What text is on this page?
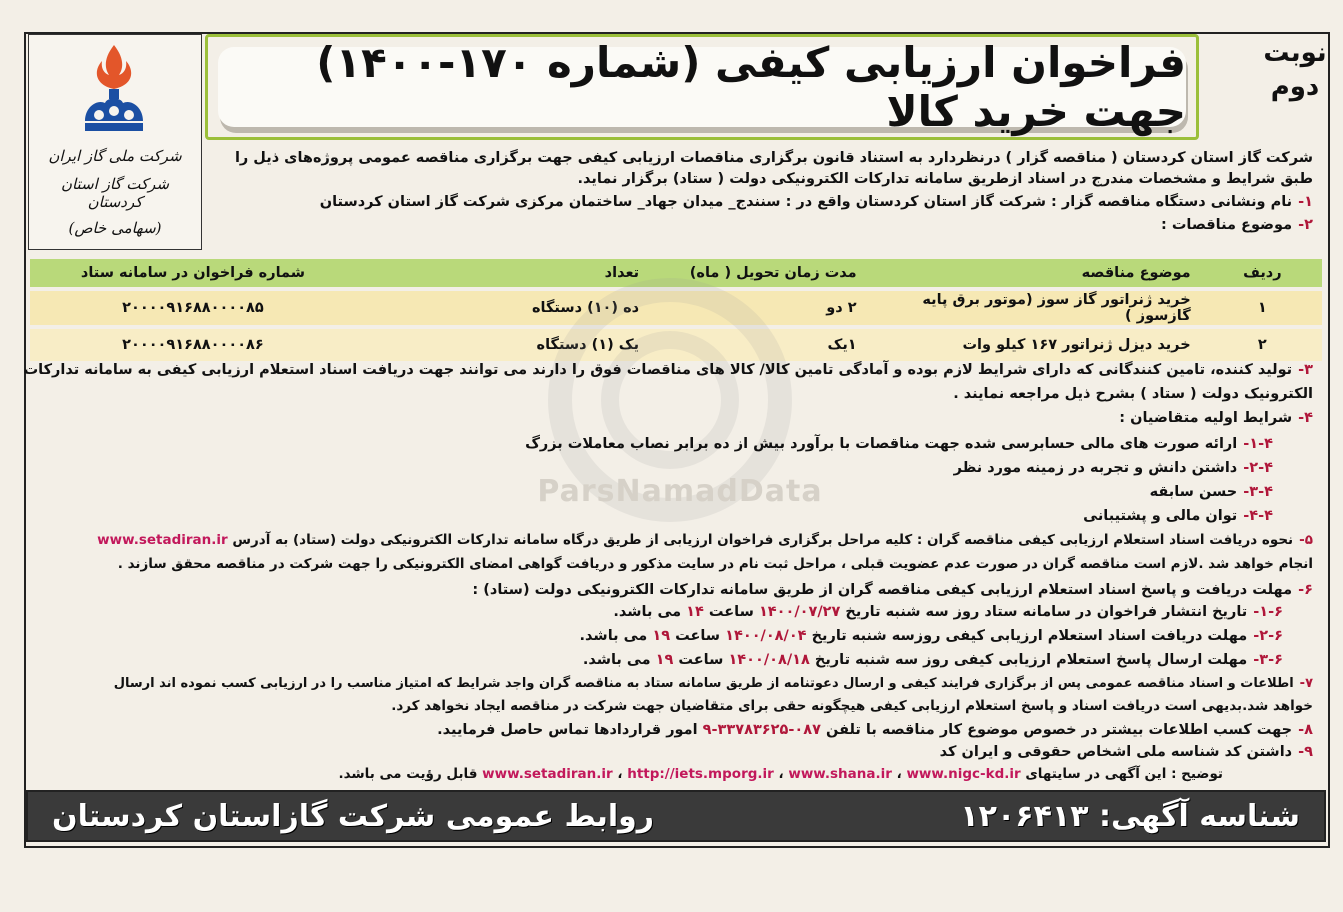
نوبت دوم
فراخوان ارزیابی کیفی (شماره ۱۷۰-۱۴۰۰) جهت خرید کالا
شرکت ملی گاز ایران
شرکت گاز استان کردستان
(سهامی خاص)
شرکت گاز استان کردستان ( مناقصه گزار ) درنظردارد به استناد قانون برگزاری مناقصات ارزیابی کیفی جهت برگزاری مناقصه عمومی پروژه‌های ذیل را طبق شرایط و مشخصات مندرج در اسناد ازطریق سامانه تدارکات الکترونیکی دولت ( ستاد) برگزار نماید.
۱-نام ونشانی دستگاه مناقصه گزار : شرکت گاز استان کردستان واقع در : سنندج_ میدان جهاد_ ساختمان مرکزی شرکت گاز استان کردستان
۲-موضوع مناقصات :
ردیف	موضوع مناقصه	مدت زمان تحویل ( ماه)	تعداد	شماره فراخوان در سامانه ستاد
۱	خرید ژنراتور گاز سوز (موتور برق پایه گازسوز )	۲ دو	ده (۱۰) دستگاه	۲۰۰۰۰۹۱۶۸۸۰۰۰۰۸۵
۲	خرید دیزل ژنراتور ۱۶۷ کیلو وات	۱یک	یک (۱) دستگاه	۲۰۰۰۰۹۱۶۸۸۰۰۰۰۸۶
ParsNamadData
۳-تولید کننده، تامین کنندگانی که دارای شرایط لازم بوده و آمادگی تامین کالا/ کالا های مناقصات فوق را دارند می توانند جهت دریافت اسناد استعلام ارزیابی کیفی به سامانه تدارکات
الکترونیک دولت ( ستاد ) بشرح ذیل مراجعه نمایند .
۴-شرایط اولیه متقاضیان :
۱-۴-ارائه صورت های مالی حسابرسی شده جهت مناقصات با برآورد بیش از ده برابر نصاب معاملات بزرگ
۲-۴-داشتن دانش و تجربه در زمینه مورد نظر
۳-۴-حسن سابقه
۴-۴-توان مالی و پشتیبانی
۵-نحوه دریافت اسناد استعلام ارزیابی کیفی مناقصه گران : کلیه مراحل برگزاری فراخوان ارزیابی از طریق درگاه سامانه تدارکات الکترونیکی دولت (ستاد) به آدرس www.setadiran.ir
انجام خواهد شد .لازم است مناقصه گران در صورت عدم عضویت قبلی ، مراحل ثبت نام در سایت مذکور و دریافت گواهی امضای الکترونیکی را جهت شرکت در مناقصه محقق سازند .
۶-مهلت دریافت و پاسخ اسناد استعلام ارزیابی کیفی مناقصه گران از طریق سامانه تدارکات الکترونیکی دولت (ستاد) :
۱-۶-تاریخ انتشار فراخوان در سامانه ستاد روز سه شنبه تاریخ ۱۴۰۰/۰۷/۲۷ ساعت ۱۴ می باشد.
۲-۶-مهلت دریافت اسناد استعلام ارزیابی کیفی روزسه شنبه تاریخ ۱۴۰۰/۰۸/۰۴ ساعت ۱۹ می باشد.
۳-۶-مهلت ارسال پاسخ استعلام ارزیابی کیفی روز سه شنبه تاریخ ۱۴۰۰/۰۸/۱۸ ساعت ۱۹ می باشد.
۷-اطلاعات و اسناد مناقصه عمومی پس از برگزاری فرایند کیفی و ارسال دعوتنامه از طریق سامانه ستاد به مناقصه گران واجد شرایط که امتیاز مناسب را در ارزیابی کسب نموده اند ارسال
خواهد شد.بدیهی است دریافت اسناد و پاسخ استعلام ارزیابی کیفی هیچگونه حقی برای متقاضیان جهت شرکت در مناقصه ایجاد نخواهد کرد.
۸-جهت کسب اطلاعات بیشتر در خصوص موضوع کار مناقصه با تلفن ۰۸۷-۳۳۷۸۳۶۲۵-۹ امور قراردادها تماس حاصل فرمایید.
۹-داشتن کد شناسه ملی اشخاص حقوقی و ایران کد
توضیح : این آگهی در سایتهای www.setadiran.ir ، http://iets.mporg.ir ، www.shana.ir ، www.nigc-kd.ir قابل رؤیت می باشد.
شناسه آگهی: ۱۲۰۶۴۱۳
روابط عمومی شرکت گازاستان کردستان
